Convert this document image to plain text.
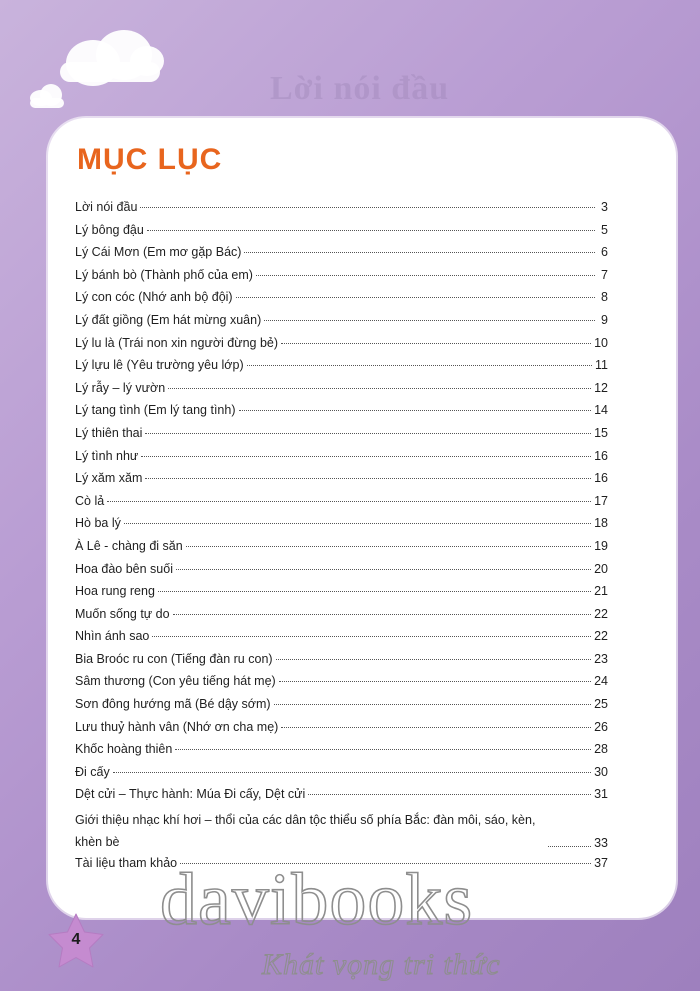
Lời nói đầu
MỤC LỤC
Lời nói đầu	3
Lý bông đậu	5
Lý Cái Mơn (Em mơ gặp Bác)	6
Lý bánh bò (Thành phố của em)	7
Lý con cóc (Nhớ anh bộ đội)	8
Lý đất giồng (Em hát mừng xuân)	9
Lý lu là (Trái non xin người đừng bẻ)	10
Lý lựu lê (Yêu trường yêu lớp)	11
Lý rẫy – lý vườn	12
Lý tang tình (Em lý tang tình)	14
Lý thiên thai	15
Lý tình như	16
Lý xăm xăm	16
Cò lả	17
Hò ba lý	18
À Lê - chàng đi săn	19
Hoa đào bên suối	20
Hoa rung reng	21
Muốn sống tự do	22
Nhìn ánh sao	22
Bia Broóc ru con (Tiếng đàn ru con)	23
Sâm thương (Con yêu tiếng hát mẹ)	24
Sơn đông hướng mã (Bé dậy sớm)	25
Lưu thuỷ hành vân (Nhớ ơn cha mẹ)	26
Khốc hoàng thiên	28
Đi cấy	30
Dệt cửi – Thực hành: Múa Đi cấy, Dệt cửi	31
Giới thiệu nhạc khí hơi – thổi của các dân tộc thiểu số phía Bắc: đàn môi, sáo, kèn, khèn bè	33
Tài liệu tham khảo	37
4	davibooks
Khát vọng tri thức
